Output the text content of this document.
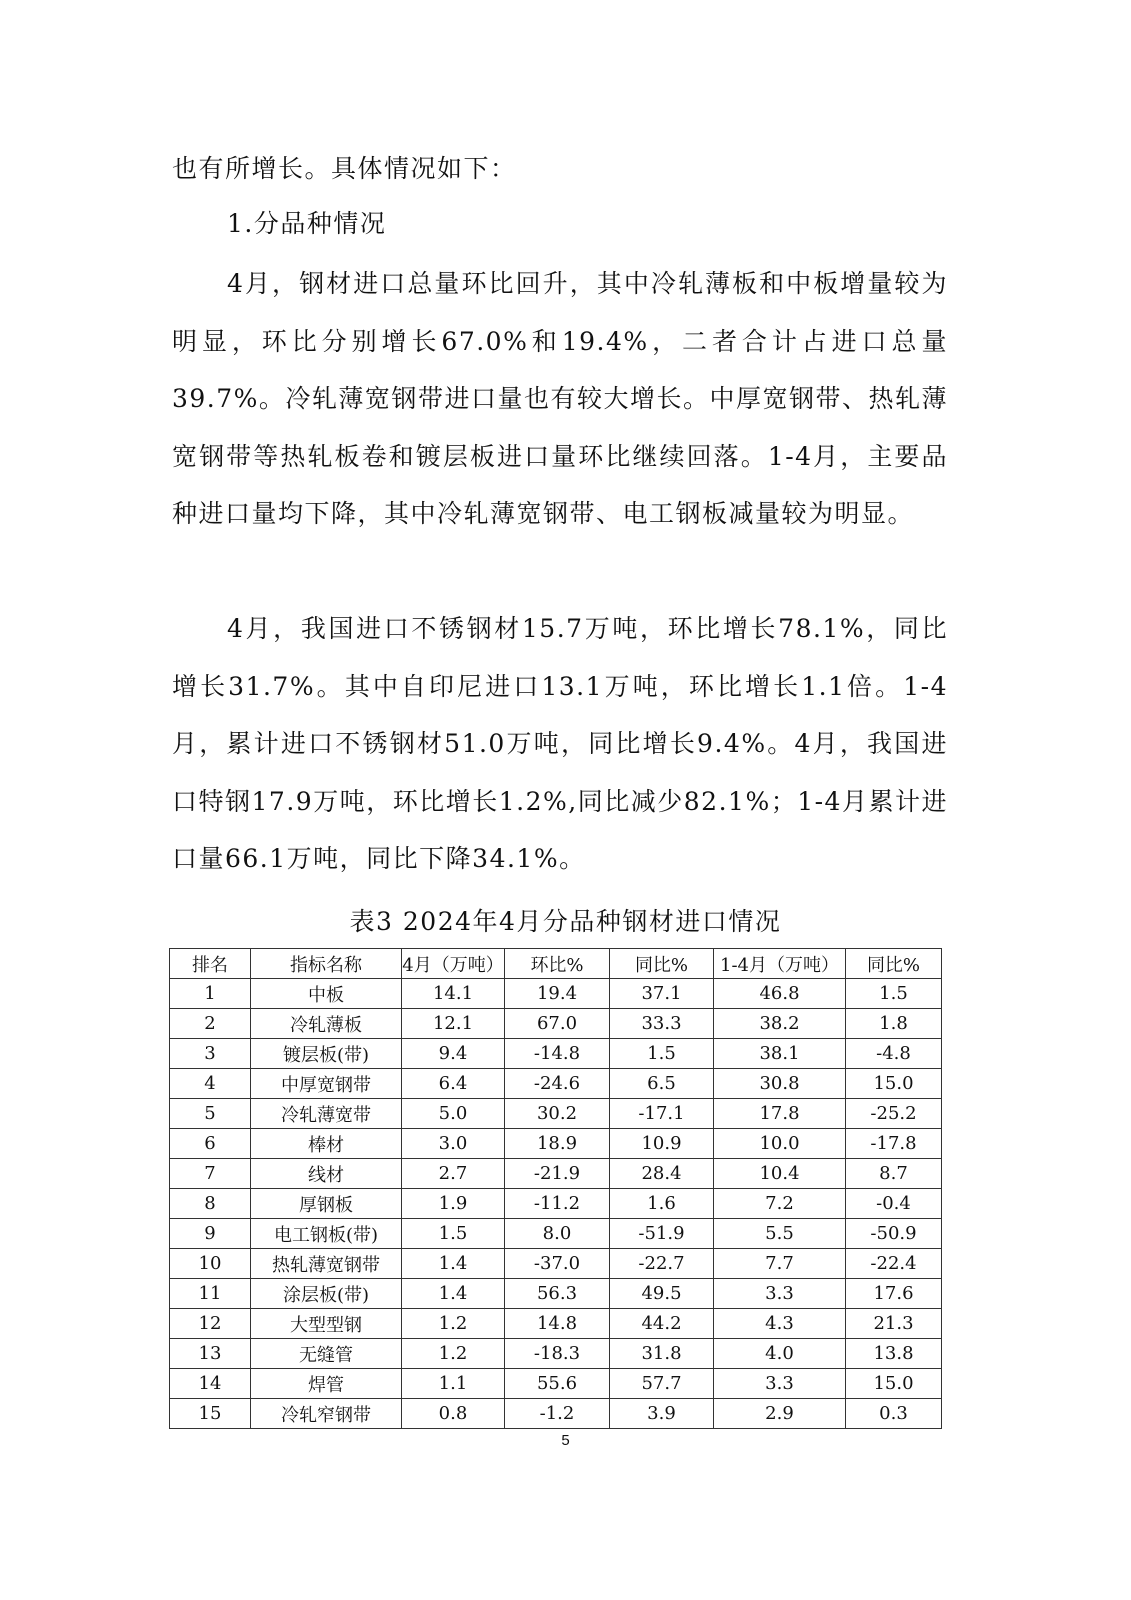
也有所增长。具体情况如下：

1.分品种情况

4月，钢材进口总量环比回升，其中冷轧薄板和中板增量较为明显，环比分别增长67.0%和19.4%，二者合计占进口总量39.7%。冷轧薄宽钢带进口量也有较大增长。中厚宽钢带、热轧薄宽钢带等热轧板卷和镀层板进口量环比继续回落。1-4月，主要品种进口量均下降，其中冷轧薄宽钢带、电工钢板减量较为明显。

4月，我国进口不锈钢材15.7万吨，环比增长78.1%，同比增长31.7%。其中自印尼进口13.1万吨，环比增长1.1倍。1-4月，累计进口不锈钢材51.0万吨，同比增长9.4%。4月，我国进口特钢17.9万吨，环比增长1.2%,同比减少82.1%；1-4月累计进口量66.1万吨，同比下降34.1%。

表3 2024年4月分品种钢材进口情况

排名	指标名称	4月（万吨）	环比%	同比%	1-4月（万吨）	同比%
1	中板	14.1	19.4	37.1	46.8	1.5
2	冷轧薄板	12.1	67.0	33.3	38.2	1.8
3	镀层板(带)	9.4	-14.8	1.5	38.1	-4.8
4	中厚宽钢带	6.4	-24.6	6.5	30.8	15.0
5	冷轧薄宽带	5.0	30.2	-17.1	17.8	-25.2
6	棒材	3.0	18.9	10.9	10.0	-17.8
7	线材	2.7	-21.9	28.4	10.4	8.7
8	厚钢板	1.9	-11.2	1.6	7.2	-0.4
9	电工钢板(带)	1.5	8.0	-51.9	5.5	-50.9
10	热轧薄宽钢带	1.4	-37.0	-22.7	7.7	-22.4
11	涂层板(带)	1.4	56.3	49.5	3.3	17.6
12	大型型钢	1.2	14.8	44.2	4.3	21.3
13	无缝管	1.2	-18.3	31.8	4.0	13.8
14	焊管	1.1	55.6	57.7	3.3	15.0
15	冷轧窄钢带	0.8	-1.2	3.9	2.9	0.3
5
